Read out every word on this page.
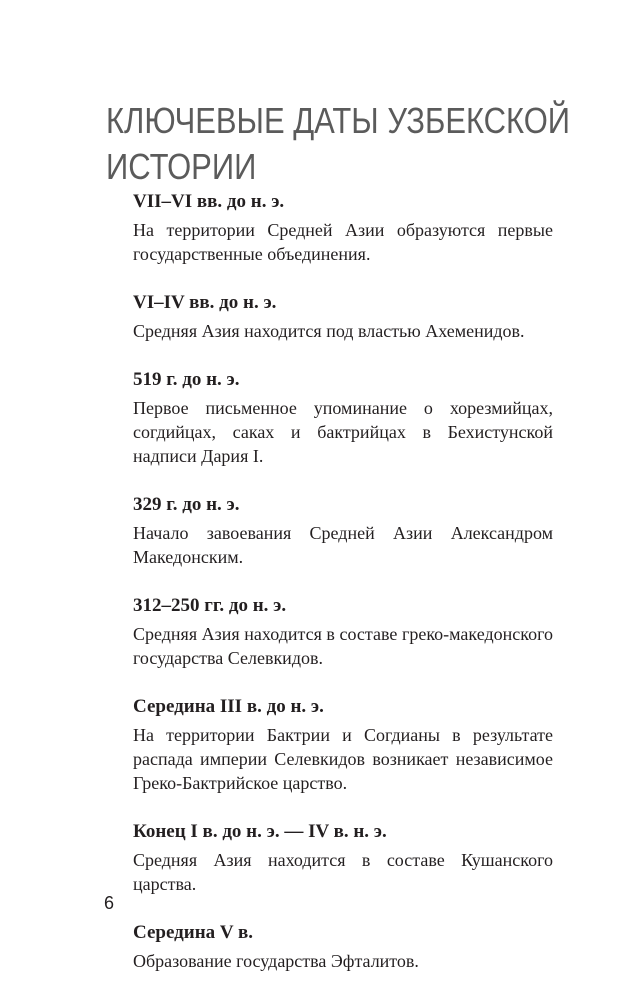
КЛЮЧЕВЫЕ ДАТЫ УЗБЕКСКОЙ
ИСТОРИИ
VII–VI вв. до н. э.

На территории Средней Азии образуются первые государственные объединения.

VI–IV вв. до н. э.

Средняя Азия находится под властью Ахеменидов.

519 г. до н. э.

Первое письменное упоминание о хорезмийцах, согдийцах, саках и бактрийцах в Бехистунской надписи Дария I.

329 г. до н. э.

Начало завоевания Средней Азии Александром Македонским.

312–250 гг. до н. э.

Средняя Азия находится в составе греко-македонского государства Селевкидов.

Середина III в. до н. э.

На территории Бактрии и Согдианы в результате распада империи Селевкидов возникает независимое Греко-Бактрийское царство.

Конец I в. до н. э. — IV в. н. э.

Средняя Азия находится в составе Кушанского царства.

Середина V в.

Образование государства Эфталитов.

6
